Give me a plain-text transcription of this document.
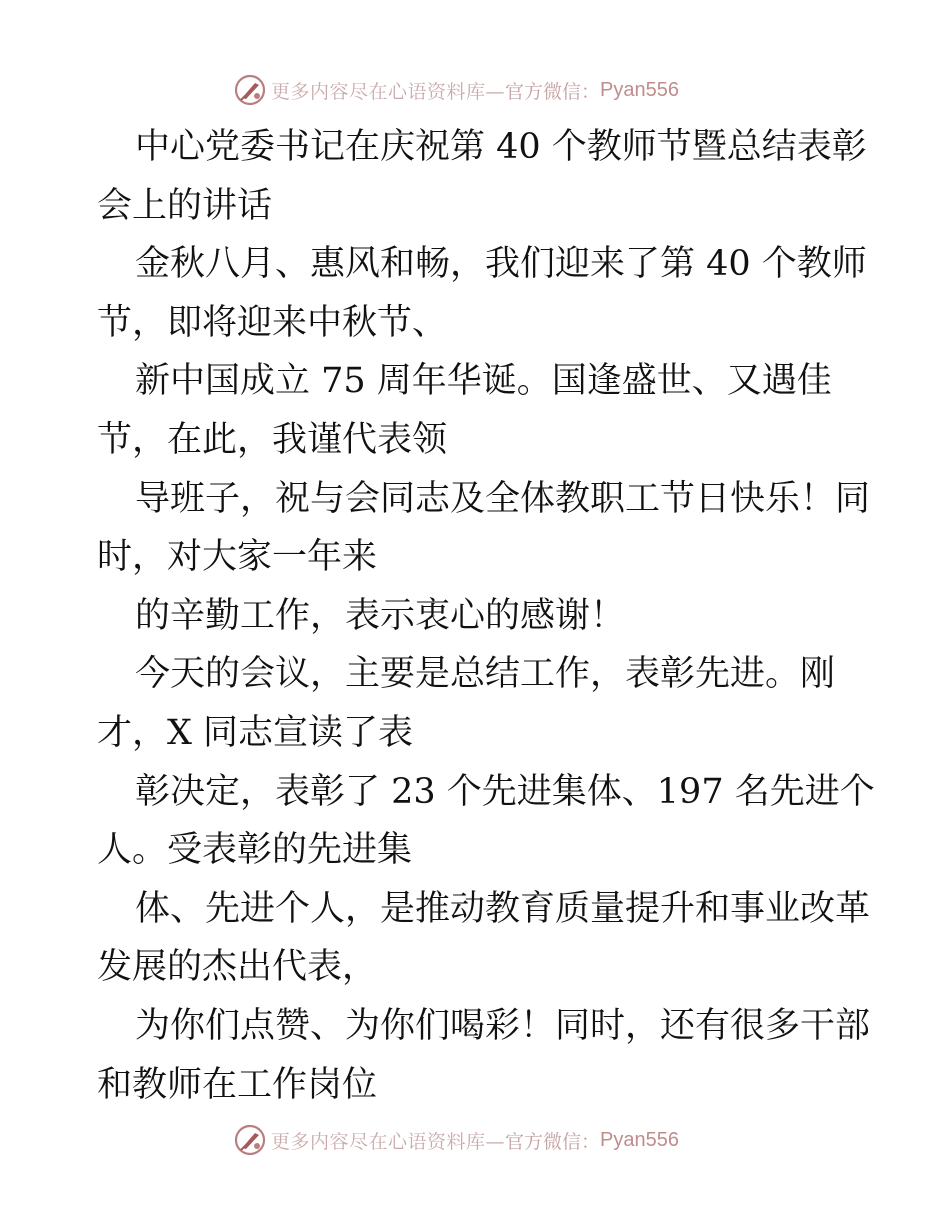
更多内容尽在心语资料库— 官方微信： Pyan556
中心党委书记在庆祝第 40 个教师节暨总结表彰
会上的讲话
金秋八月、惠风和畅，我们迎来了第 40 个教师
节，即将迎来中秋节、
新中国成立 75 周年华诞。国逢盛世、又遇佳
节，在此，我谨代表领
导班子，祝与会同志及全体教职工节日快乐！同
时，对大家一年来
的辛勤工作，表示衷心的感谢！
今天的会议，主要是总结工作，表彰先进。刚
才，X 同志宣读了表
彰决定，表彰了 23 个先进集体、197 名先进个
人。受表彰的先进集
体、先进个人，是推动教育质量提升和事业改革
发展的杰出代表，
为你们点赞、为你们喝彩！同时，还有很多干部
和教师在工作岗位
更多内容尽在心语资料库— 官方微信： Pyan556
